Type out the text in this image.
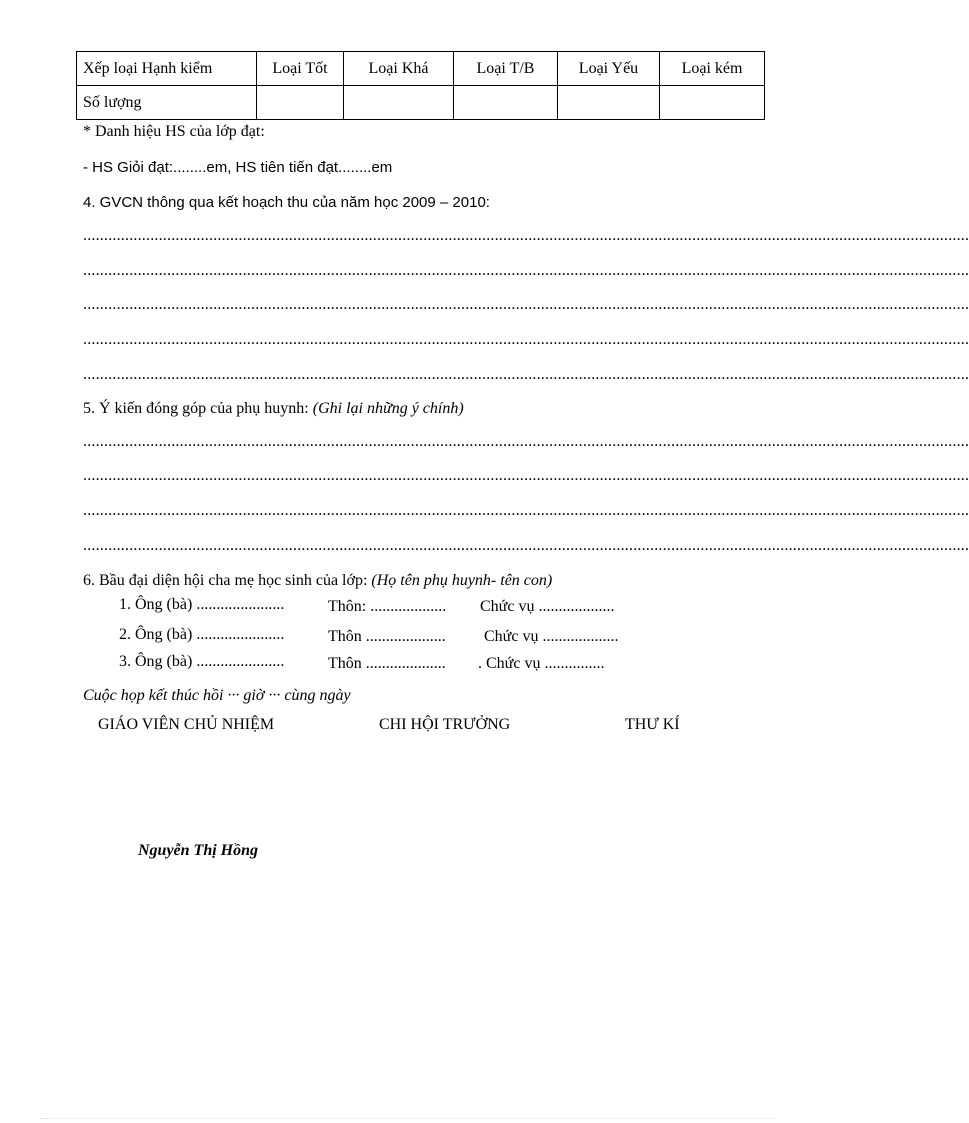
Xếp loại Hạnh kiểm	Loại Tốt	Loại Khá	Loại T/B	Loại Yếu	Loại kém
Số lượng					
* Danh hiệu HS của lớp đạt:
- HS Giỏi đạt:........em, HS tiên tiến đạt........em
4. GVCN thông qua kết hoạch thu của năm học 2009 – 2010:
...................................................................................................................................................................................................................
...................................................................................................................................................................................................................
...................................................................................................................................................................................................................
...................................................................................................................................................................................................................
...................................................................................................................................................................................................................
5. Ý kiến đóng góp của phụ huynh: (Ghi lại những ý chính)
...................................................................................................................................................................................................................
...................................................................................................................................................................................................................
...................................................................................................................................................................................................................
...................................................................................................................................................................................................................
6. Bầu đại diện hội cha mẹ học sinh của lớp: (Họ tên phụ huynh- tên con)
1. Ông (bà) ......................	Thôn: ................... Chức vụ ...................
2. Ông (bà) ......................	Thôn .................... Chức vụ ...................
3. Ông (bà) ......................	Thôn .................... . Chức vụ ...............
Cuộc họp kết thúc hồi ··· giờ ··· cùng ngày
GIÁO VIÊN CHỦ NHIỆM	CHI HỘI TRƯỞNG	THƯ KÍ
Nguyễn Thị Hồng
